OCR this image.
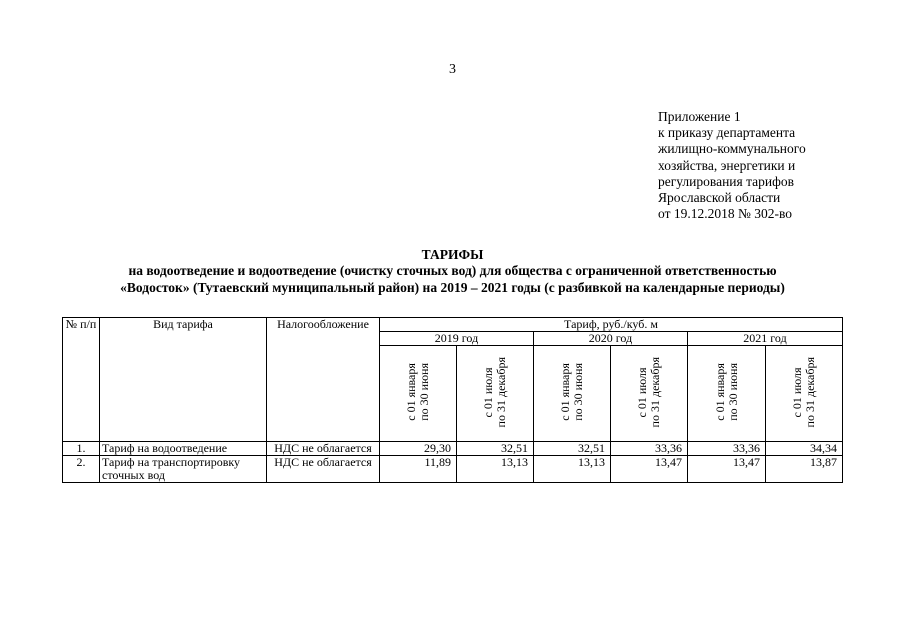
3
Приложение 1
к приказу департамента
жилищно-коммунального
хозяйства, энергетики и
регулирования тарифов
Ярославской области
от 19.12.2018 № 302-во
ТАРИФЫ
на водоотведение и водоотведение (очистку сточных вод) для общества с ограниченной ответственностью
«Водосток» (Тутаевский муниципальный район) на 2019 – 2021 годы (с разбивкой на календарные периоды)
№ п/п	Вид тарифа	Налогообложение	Тариф, руб./куб. м					
			2019 год		2020 год		2021 год	
			с 01 января
по 30 июня	с 01 июля
по 31 декабря	с 01 января
по 30 июня	с 01 июля
по 31 декабря	с 01 января
по 30 июня	с 01 июля
по 31 декабря
1.	Тариф на водоотведение	НДС не облагается	29,30	32,51	32,51	33,36	33,36	34,34
2.	Тариф на транспортировку сточных вод	НДС не облагается	11,89	13,13	13,13	13,47	13,47	13,87
